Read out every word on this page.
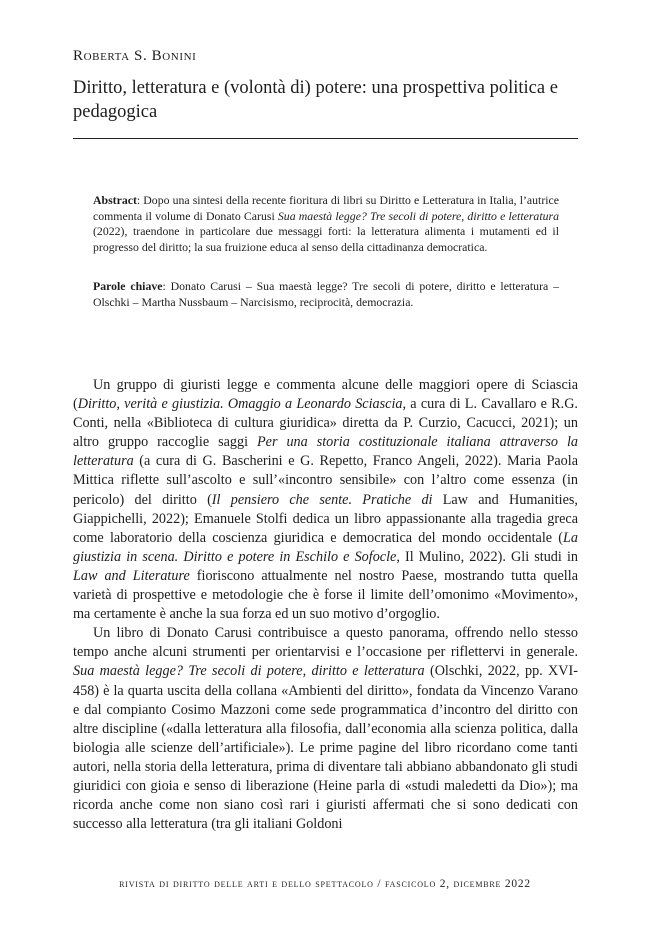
Roberta S. Bonini
Diritto, letteratura e (volontà di) potere: una prospettiva politica e pedagogica
Abstract: Dopo una sintesi della recente fioritura di libri su Diritto e Letteratura in Italia, l’autrice commenta il volume di Donato Carusi Sua maestà legge? Tre secoli di potere, diritto e letteratura (2022), traendone in particolare due messaggi forti: la letteratura alimenta i mutamenti ed il progresso del diritto; la sua fruizione educa al senso della cittadinanza democratica.
Parole chiave: Donato Carusi – Sua maestà legge? Tre secoli di potere, diritto e letteratura – Olschki – Martha Nussbaum – Narcisismo, reciprocità, democrazia.

Un gruppo di giuristi legge e commenta alcune delle maggiori opere di Sciascia (Diritto, verità e giustizia. Omaggio a Leonardo Sciascia, a cura di L. Cavallaro e R.G. Conti, nella «Biblioteca di cultura giuridica» diretta da P. Curzio, Cacucci, 2021); un altro gruppo raccoglie saggi Per una storia costituzionale italiana attraverso la letteratura (a cura di G. Bascherini e G. Repetto, Franco Angeli, 2022). Maria Paola Mittica riflette sull’ascolto e sull’«incontro sensibile» con l’altro come essenza (in pericolo) del diritto (Il pensiero che sente. Pratiche di Law and Humanities, Giappichelli, 2022); Emanuele Stolfi dedica un libro appassionante alla tragedia greca come laboratorio della coscienza giuridica e democratica del mondo occidentale (La giustizia in scena. Diritto e potere in Eschilo e Sofocle, Il Mulino, 2022). Gli studi in Law and Literature fioriscono attualmente nel nostro Paese, mostrando tutta quella varietà di prospettive e metodologie che è forse il limite dell’omonimo «Movimento», ma certamente è anche la sua forza ed un suo motivo d’orgoglio.

Un libro di Donato Carusi contribuisce a questo panorama, offrendo nello stesso tempo anche alcuni strumenti per orientarvisi e l’occasione per riflettervi in generale. Sua maestà legge? Tre secoli di potere, diritto e letteratura (Olschki, 2022, pp. XVI-458) è la quarta uscita della collana «Ambienti del diritto», fondata da Vincenzo Varano e dal compianto Cosimo Mazzoni come sede programmatica d’incontro del diritto con altre discipline («dalla letteratura alla filosofia, dall’economia alla scienza politica, dalla biologia alle scienze dell’artificiale»). Le prime pagine del libro ricordano come tanti autori, nella storia della letteratura, prima di diventare tali abbiano abbandonato gli studi giuridici con gioia e senso di liberazione (Heine parla di «studi maledetti da Dio»); ma ricorda anche come non siano così rari i giuristi affermati che si sono dedicati con successo alla letteratura (tra gli italiani Goldoni

rivista di diritto delle arti e dello spettacolo / fascicolo 2, dicembre 2022
